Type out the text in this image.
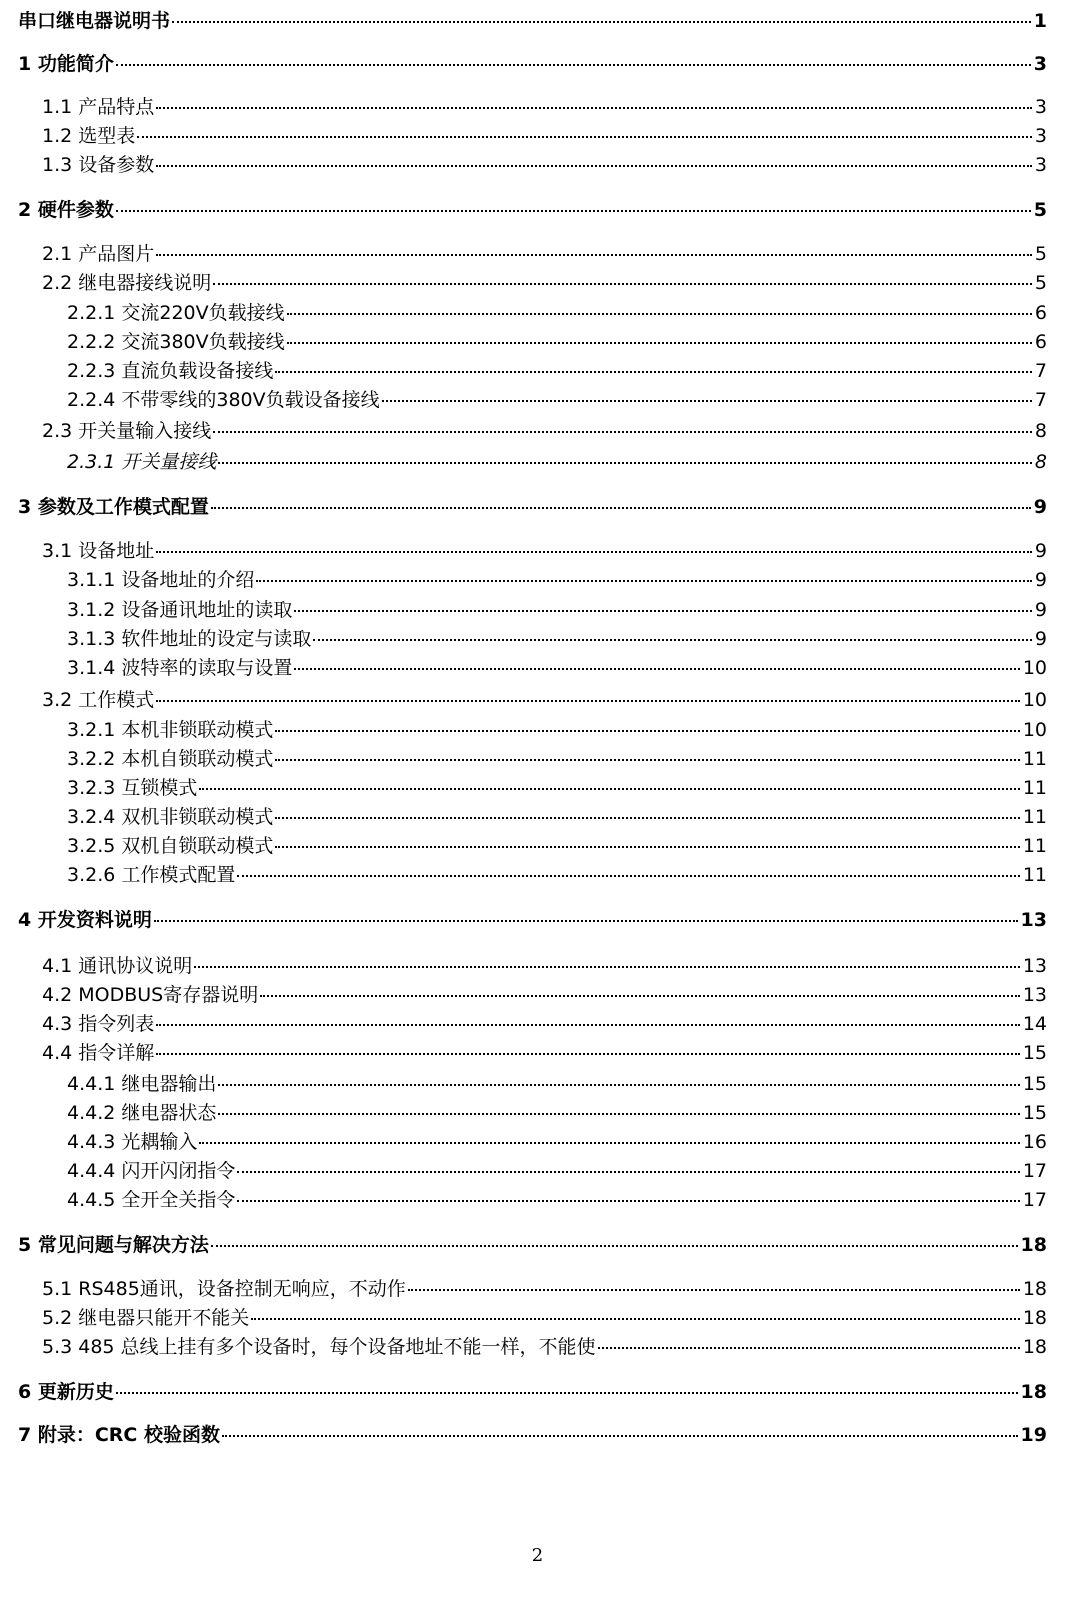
串口继电器说明书	1
1 功能简介	3
1.1 产品特点	3
1.2 选型表	3
1.3 设备参数	3
2 硬件参数	5
2.1 产品图片	5
2.2 继电器接线说明	5
2.2.1 交流220V负载接线	6
2.2.2 交流380V负载接线	6
2.2.3 直流负载设备接线	7
2.2.4 不带零线的380V负载设备接线	7
2.3 开关量输入接线	8
2.3.1 开关量接线	8
3 参数及工作模式配置	9
3.1 设备地址	9
3.1.1 设备地址的介绍	9
3.1.2 设备通讯地址的读取	9
3.1.3 软件地址的设定与读取	9
3.1.4 波特率的读取与设置	10
3.2 工作模式	10
3.2.1 本机非锁联动模式	10
3.2.2 本机自锁联动模式	11
3.2.3 互锁模式	11
3.2.4 双机非锁联动模式	11
3.2.5 双机自锁联动模式	11
3.2.6 工作模式配置	11
4 开发资料说明	13
4.1 通讯协议说明	13
4.2 MODBUS寄存器说明	13
4.3 指令列表	14
4.4 指令详解	15
4.4.1 继电器输出	15
4.4.2 继电器状态	15
4.4.3 光耦输入	16
4.4.4 闪开闪闭指令	17
4.4.5 全开全关指令	17
5 常见问题与解决方法	18
5.1 RS485通讯，设备控制无响应，不动作	18
5.2 继电器只能开不能关	18
5.3 485 总线上挂有多个设备时，每个设备地址不能一样，不能使	18
6 更新历史	18
7 附录：CRC 校验函数	19
2
